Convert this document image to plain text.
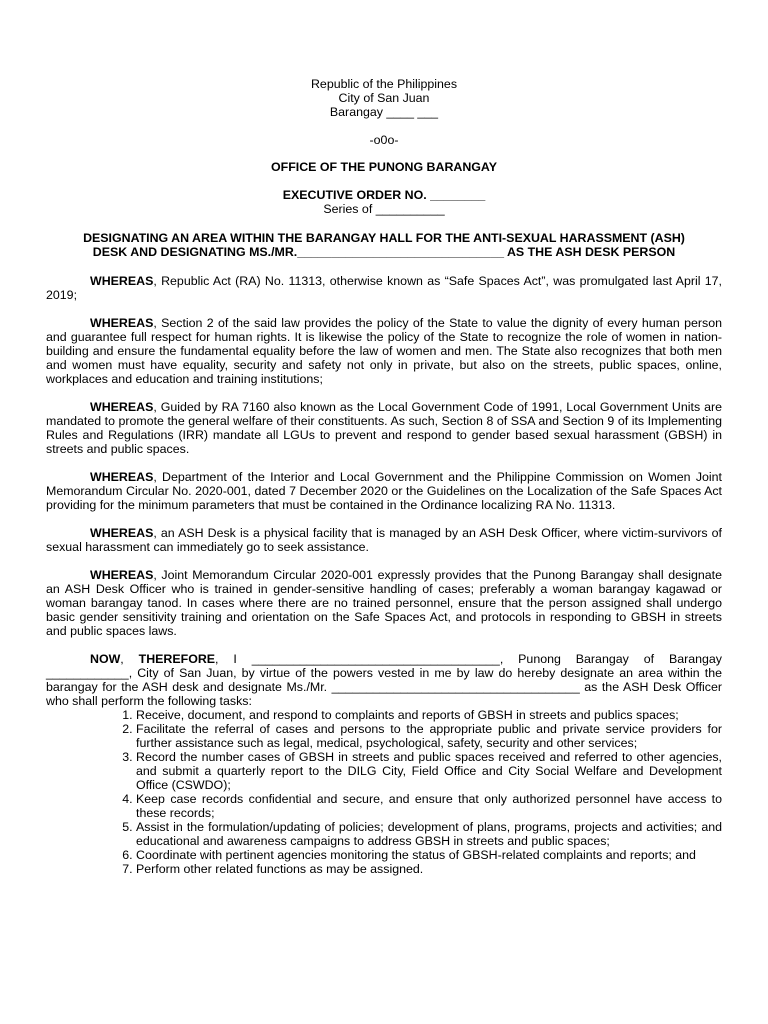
Republic of the Philippines
City of San Juan
Barangay ____ ___
-o0o-
OFFICE OF THE PUNONG BARANGAY
EXECUTIVE ORDER NO. ________
Series of __________
DESIGNATING AN AREA WITHIN THE BARANGAY HALL FOR THE ANTI-SEXUAL HARASSMENT (ASH)
DESK AND DESIGNATING MS./MR.______________________________ AS THE ASH DESK PERSON

WHEREAS, Republic Act (RA) No. 11313, otherwise known as “Safe Spaces Act”, was promulgated last April 17, 2019;

WHEREAS, Section 2 of the said law provides the policy of the State to value the dignity of every human person and guarantee full respect for human rights. It is likewise the policy of the State to recognize the role of women in nation-building and ensure the fundamental equality before the law of women and men. The State also recognizes that both men and women must have equality, security and safety not only in private, but also on the streets, public spaces, online, workplaces and education and training institutions;

WHEREAS, Guided by RA 7160 also known as the Local Government Code of 1991, Local Government Units are mandated to promote the general welfare of their constituents. As such, Section 8 of SSA and Section 9 of its Implementing Rules and Regulations (IRR) mandate all LGUs to prevent and respond to gender based sexual harassment (GBSH) in streets and public spaces.

WHEREAS, Department of the Interior and Local Government and the Philippine Commission on Women Joint Memorandum Circular No. 2020-001, dated 7 December 2020 or the Guidelines on the Localization of the Safe Spaces Act providing for the minimum parameters that must be contained in the Ordinance localizing RA No. 11313.

WHEREAS, an ASH Desk is a physical facility that is managed by an ASH Desk Officer, where victim-survivors of sexual harassment can immediately go to seek assistance.

WHEREAS, Joint Memorandum Circular 2020-001 expressly provides that the Punong Barangay shall designate an ASH Desk Officer who is trained in gender-sensitive handling of cases; preferably a woman barangay kagawad or woman barangay tanod. In cases where there are no trained personnel, ensure that the person assigned shall undergo basic gender sensitivity training and orientation on the Safe Spaces Act, and protocols in responding to GBSH in streets and public spaces laws.

NOW, THEREFORE, I ____________________________________, Punong Barangay of Barangay ____________, City of San Juan, by virtue of the powers vested in me by law do hereby designate an area within the barangay for the ASH desk and designate Ms./Mr. ____________________________________ as the ASH Desk Officer who shall perform the following tasks:

1. Receive, document, and respond to complaints and reports of GBSH in streets and publics spaces;
2. Facilitate the referral of cases and persons to the appropriate public and private service providers for further assistance such as legal, medical, psychological, safety, security and other services;
3. Record the number cases of GBSH in streets and public spaces received and referred to other agencies, and submit a quarterly report to the DILG City, Field Office and City Social Welfare and Development Office (CSWDO);
4. Keep case records confidential and secure, and ensure that only authorized personnel have access to these records;
5. Assist in the formulation/updating of policies; development of plans, programs, projects and activities; and educational and awareness campaigns to address GBSH in streets and public spaces;
6. Coordinate with pertinent agencies monitoring the status of GBSH-related complaints and reports; and
7. Perform other related functions as may be assigned.
